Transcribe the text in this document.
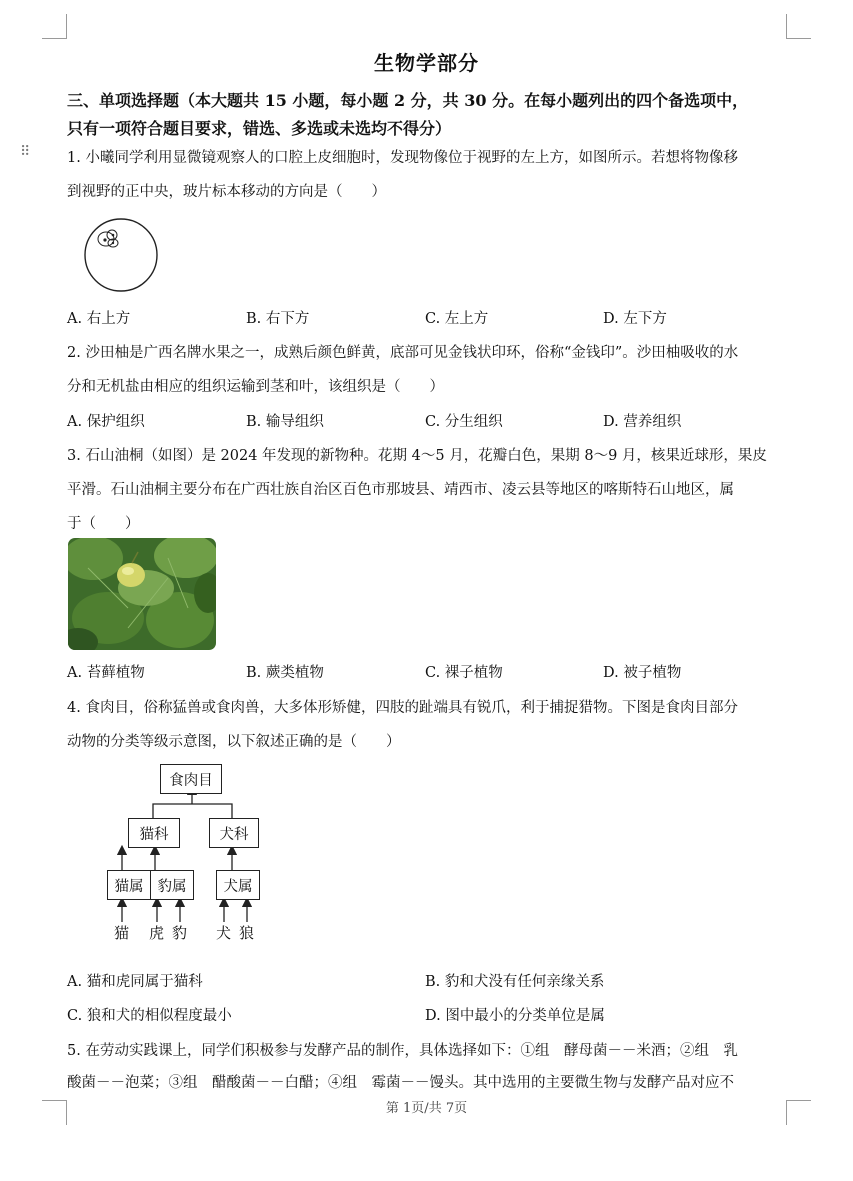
生物学部分
三、单项选择题（本大题共 15 小题，每小题 2 分，共 30 分。在每小题列出的四个备选项中，
只有一项符合题目要求，错选、多选或未选均不得分）
⠿	1. 小曦同学利用显微镜观察人的口腔上皮细胞时，发现物像位于视野的左上方，如图所示。若想将物像移
到视野的正中央，玻片标本移动的方向是（　　）
A. 右上方	B. 右下方	C. 左上方	D. 左下方
2. 沙田柚是广西名牌水果之一，成熟后颜色鲜黄，底部可见金钱状印环，俗称“金钱印”。沙田柚吸收的水
分和无机盐由相应的组织运输到茎和叶，该组织是（　　）
A. 保护组织	B. 输导组织	C. 分生组织	D. 营养组织
3. 石山油桐（如图）是 2024 年发现的新物种。花期 4～5 月，花瓣白色，果期 8～9 月，核果近球形，果皮
平滑。石山油桐主要分布在广西壮族自治区百色市那坡县、靖西市、凌云县等地区的喀斯特石山地区，属
于（　　）
A. 苔藓植物	B. 蕨类植物	C. 裸子植物	D. 被子植物
4. 食肉目，俗称猛兽或食肉兽，大多体形矫健，四肢的趾端具有锐爪，利于捕捉猎物。下图是食肉目部分
动物的分类等级示意图，以下叙述正确的是（　　）
食肉目
猫科	犬科
猫属 豹属	犬属
猫 虎 豹 犬 狼
A. 猫和虎同属于猫科	B. 豹和犬没有任何亲缘关系
C. 狼和犬的相似程度最小	D. 图中最小的分类单位是属
5. 在劳动实践课上，同学们积极参与发酵产品的制作，具体选择如下：①组　酵母菌－－米酒；②组　乳
酸菌－－泡菜；③组　醋酸菌－－白醋；④组　霉菌－－馒头。其中选用的主要微生物与发酵产品对应不
第 1页/共 7页
